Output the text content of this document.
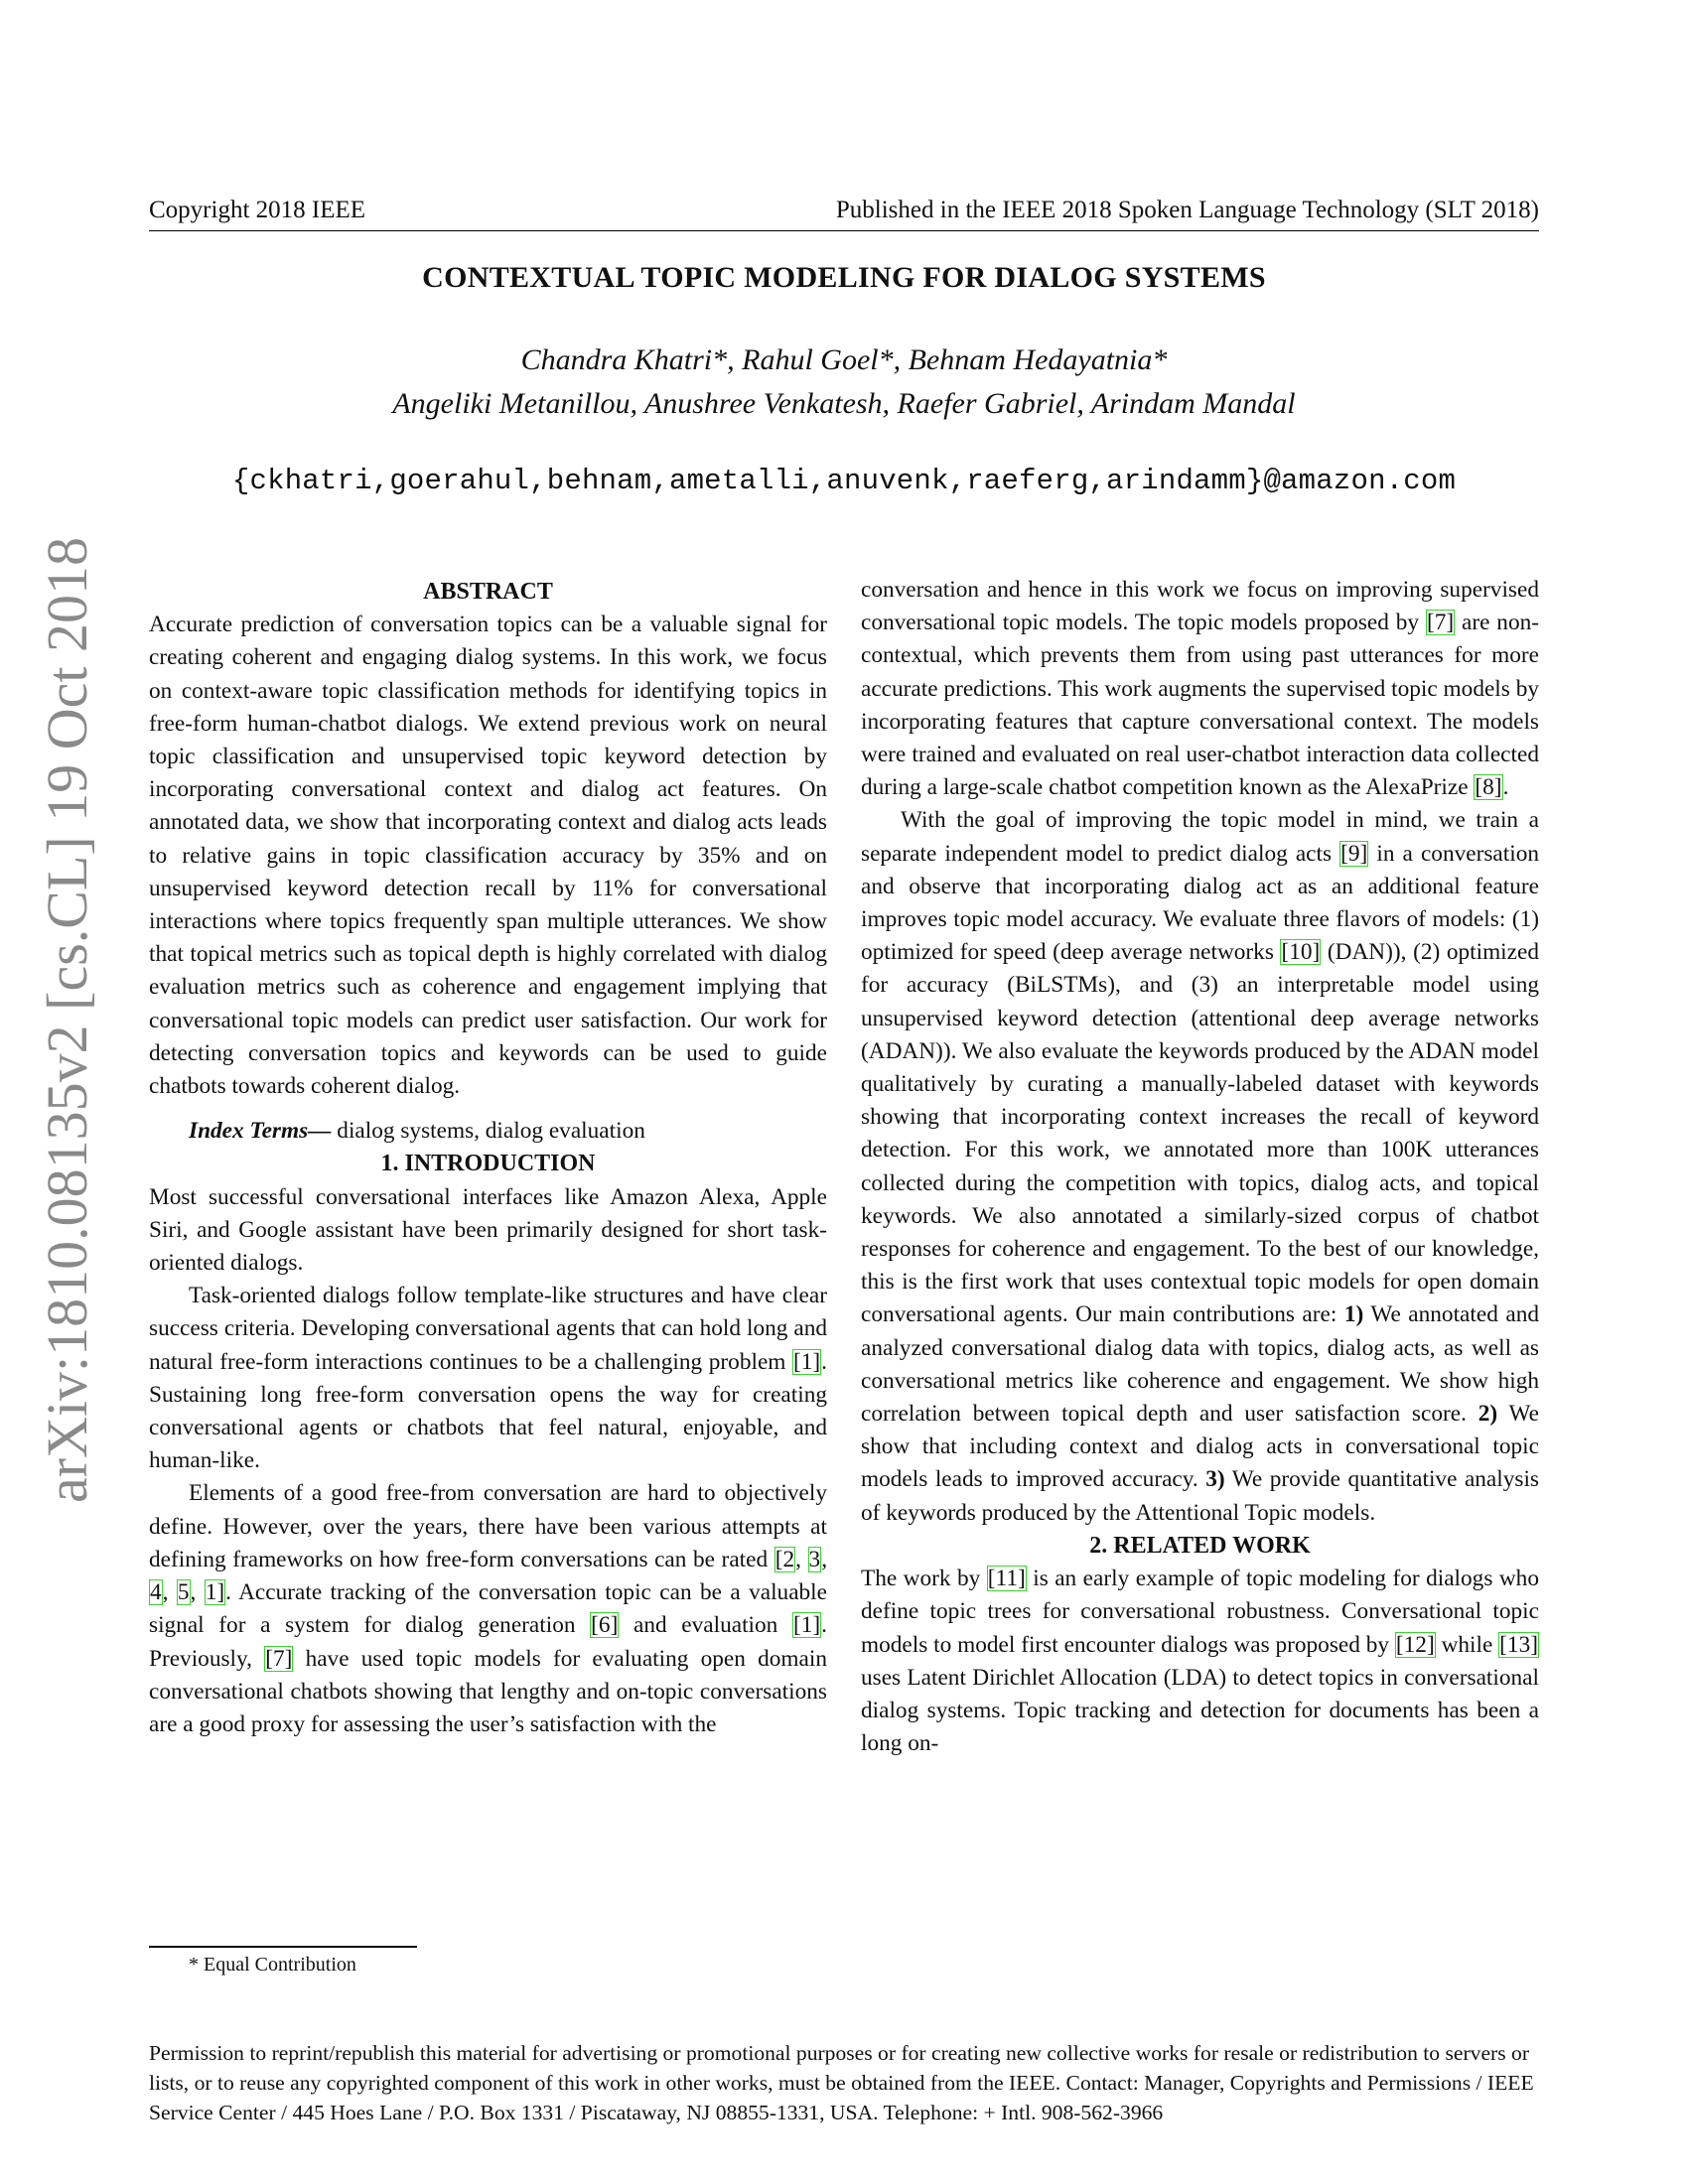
Copyright 2018 IEEE	Published in the IEEE 2018 Spoken Language Technology (SLT 2018)
CONTEXTUAL TOPIC MODELING FOR DIALOG SYSTEMS
Chandra Khatri*, Rahul Goel*, Behnam Hedayatnia*
Angeliki Metanillou, Anushree Venkatesh, Raefer Gabriel, Arindam Mandal
{ckhatri,goerahul,behnam,ametalli,anuvenk,raeferg,arindamm}@amazon.com
arXiv:1810.08135v2 [cs.CL] 19 Oct 2018	ABSTRACT

Accurate prediction of conversation topics can be a valuable signal for creating coherent and engaging dialog systems. In this work, we focus on context-aware topic classification methods for identifying topics in free-form human-chatbot dialogs. We extend previous work on neural topic classification and unsupervised topic keyword detection by incorporating conversational context and dialog act features. On annotated data, we show that incorporating context and dialog acts leads to relative gains in topic classification accuracy by 35% and on unsupervised keyword detection recall by 11% for conversational interactions where topics frequently span multiple utterances. We show that topical metrics such as topical depth is highly correlated with dialog evaluation metrics such as coherence and engagement implying that conversational topic models can predict user satisfaction. Our work for detecting conversation topics and keywords can be used to guide chatbots towards coherent dialog.

Index Terms— dialog systems, dialog evaluation

1. INTRODUCTION

Most successful conversational interfaces like Amazon Alexa, Apple Siri, and Google assistant have been primarily designed for short task-oriented dialogs.

Task-oriented dialogs follow template-like structures and have clear success criteria. Developing conversational agents that can hold long and natural free-form interactions continues to be a challenging problem [1]. Sustaining long free-form conversation opens the way for creating conversational agents or chatbots that feel natural, enjoyable, and human-like.

Elements of a good free-from conversation are hard to objectively define. However, over the years, there have been various attempts at defining frameworks on how free-form conversations can be rated [2, 3, 4, 5, 1]. Accurate tracking of the conversation topic can be a valuable signal for a system for dialog generation [6] and evaluation [1]. Previously, [7] have used topic models for evaluating open domain conversational chatbots showing that lengthy and on-topic conversations are a good proxy for assessing the user’s satisfaction with the

conversation and hence in this work we focus on improving supervised conversational topic models. The topic models proposed by [7] are non-contextual, which prevents them from using past utterances for more accurate predictions. This work augments the supervised topic models by incorporating features that capture conversational context. The models were trained and evaluated on real user-chatbot interaction data collected during a large-scale chatbot competition known as the AlexaPrize [8].

With the goal of improving the topic model in mind, we train a separate independent model to predict dialog acts [9] in a conversation and observe that incorporating dialog act as an additional feature improves topic model accuracy. We evaluate three flavors of models: (1) optimized for speed (deep average networks [10] (DAN)), (2) optimized for accuracy (BiLSTMs), and (3) an interpretable model using unsupervised keyword detection (attentional deep average networks (ADAN)). We also evaluate the keywords produced by the ADAN model qualitatively by curating a manually-labeled dataset with keywords showing that incorporating context increases the recall of keyword detection. For this work, we annotated more than 100K utterances collected during the competition with topics, dialog acts, and topical keywords. We also annotated a similarly-sized corpus of chatbot responses for coherence and engagement. To the best of our knowledge, this is the first work that uses contextual topic models for open domain conversational agents. Our main contributions are: 1) We annotated and analyzed conversational dialog data with topics, dialog acts, as well as conversational metrics like coherence and engagement. We show high correlation between topical depth and user satisfaction score. 2) We show that including context and dialog acts in conversational topic models leads to improved accuracy. 3) We provide quantitative analysis of keywords produced by the Attentional Topic models.

2. RELATED WORK

The work by [11] is an early example of topic modeling for dialogs who define topic trees for conversational robustness. Conversational topic models to model first encounter dialogs was proposed by [12] while [13] uses Latent Dirichlet Allocation (LDA) to detect topics in conversational dialog systems. Topic tracking and detection for documents has been a long on-

* Equal Contribution
Permission to reprint/republish this material for advertising or promotional purposes or for creating new collective works for resale or redistribution to servers or lists, or to reuse any copyrighted component of this work in other works, must be obtained from the IEEE. Contact: Manager, Copyrights and Permissions / IEEE Service Center / 445 Hoes Lane / P.O. Box 1331 / Piscataway, NJ 08855-1331, USA. Telephone: + Intl. 908-562-3966
